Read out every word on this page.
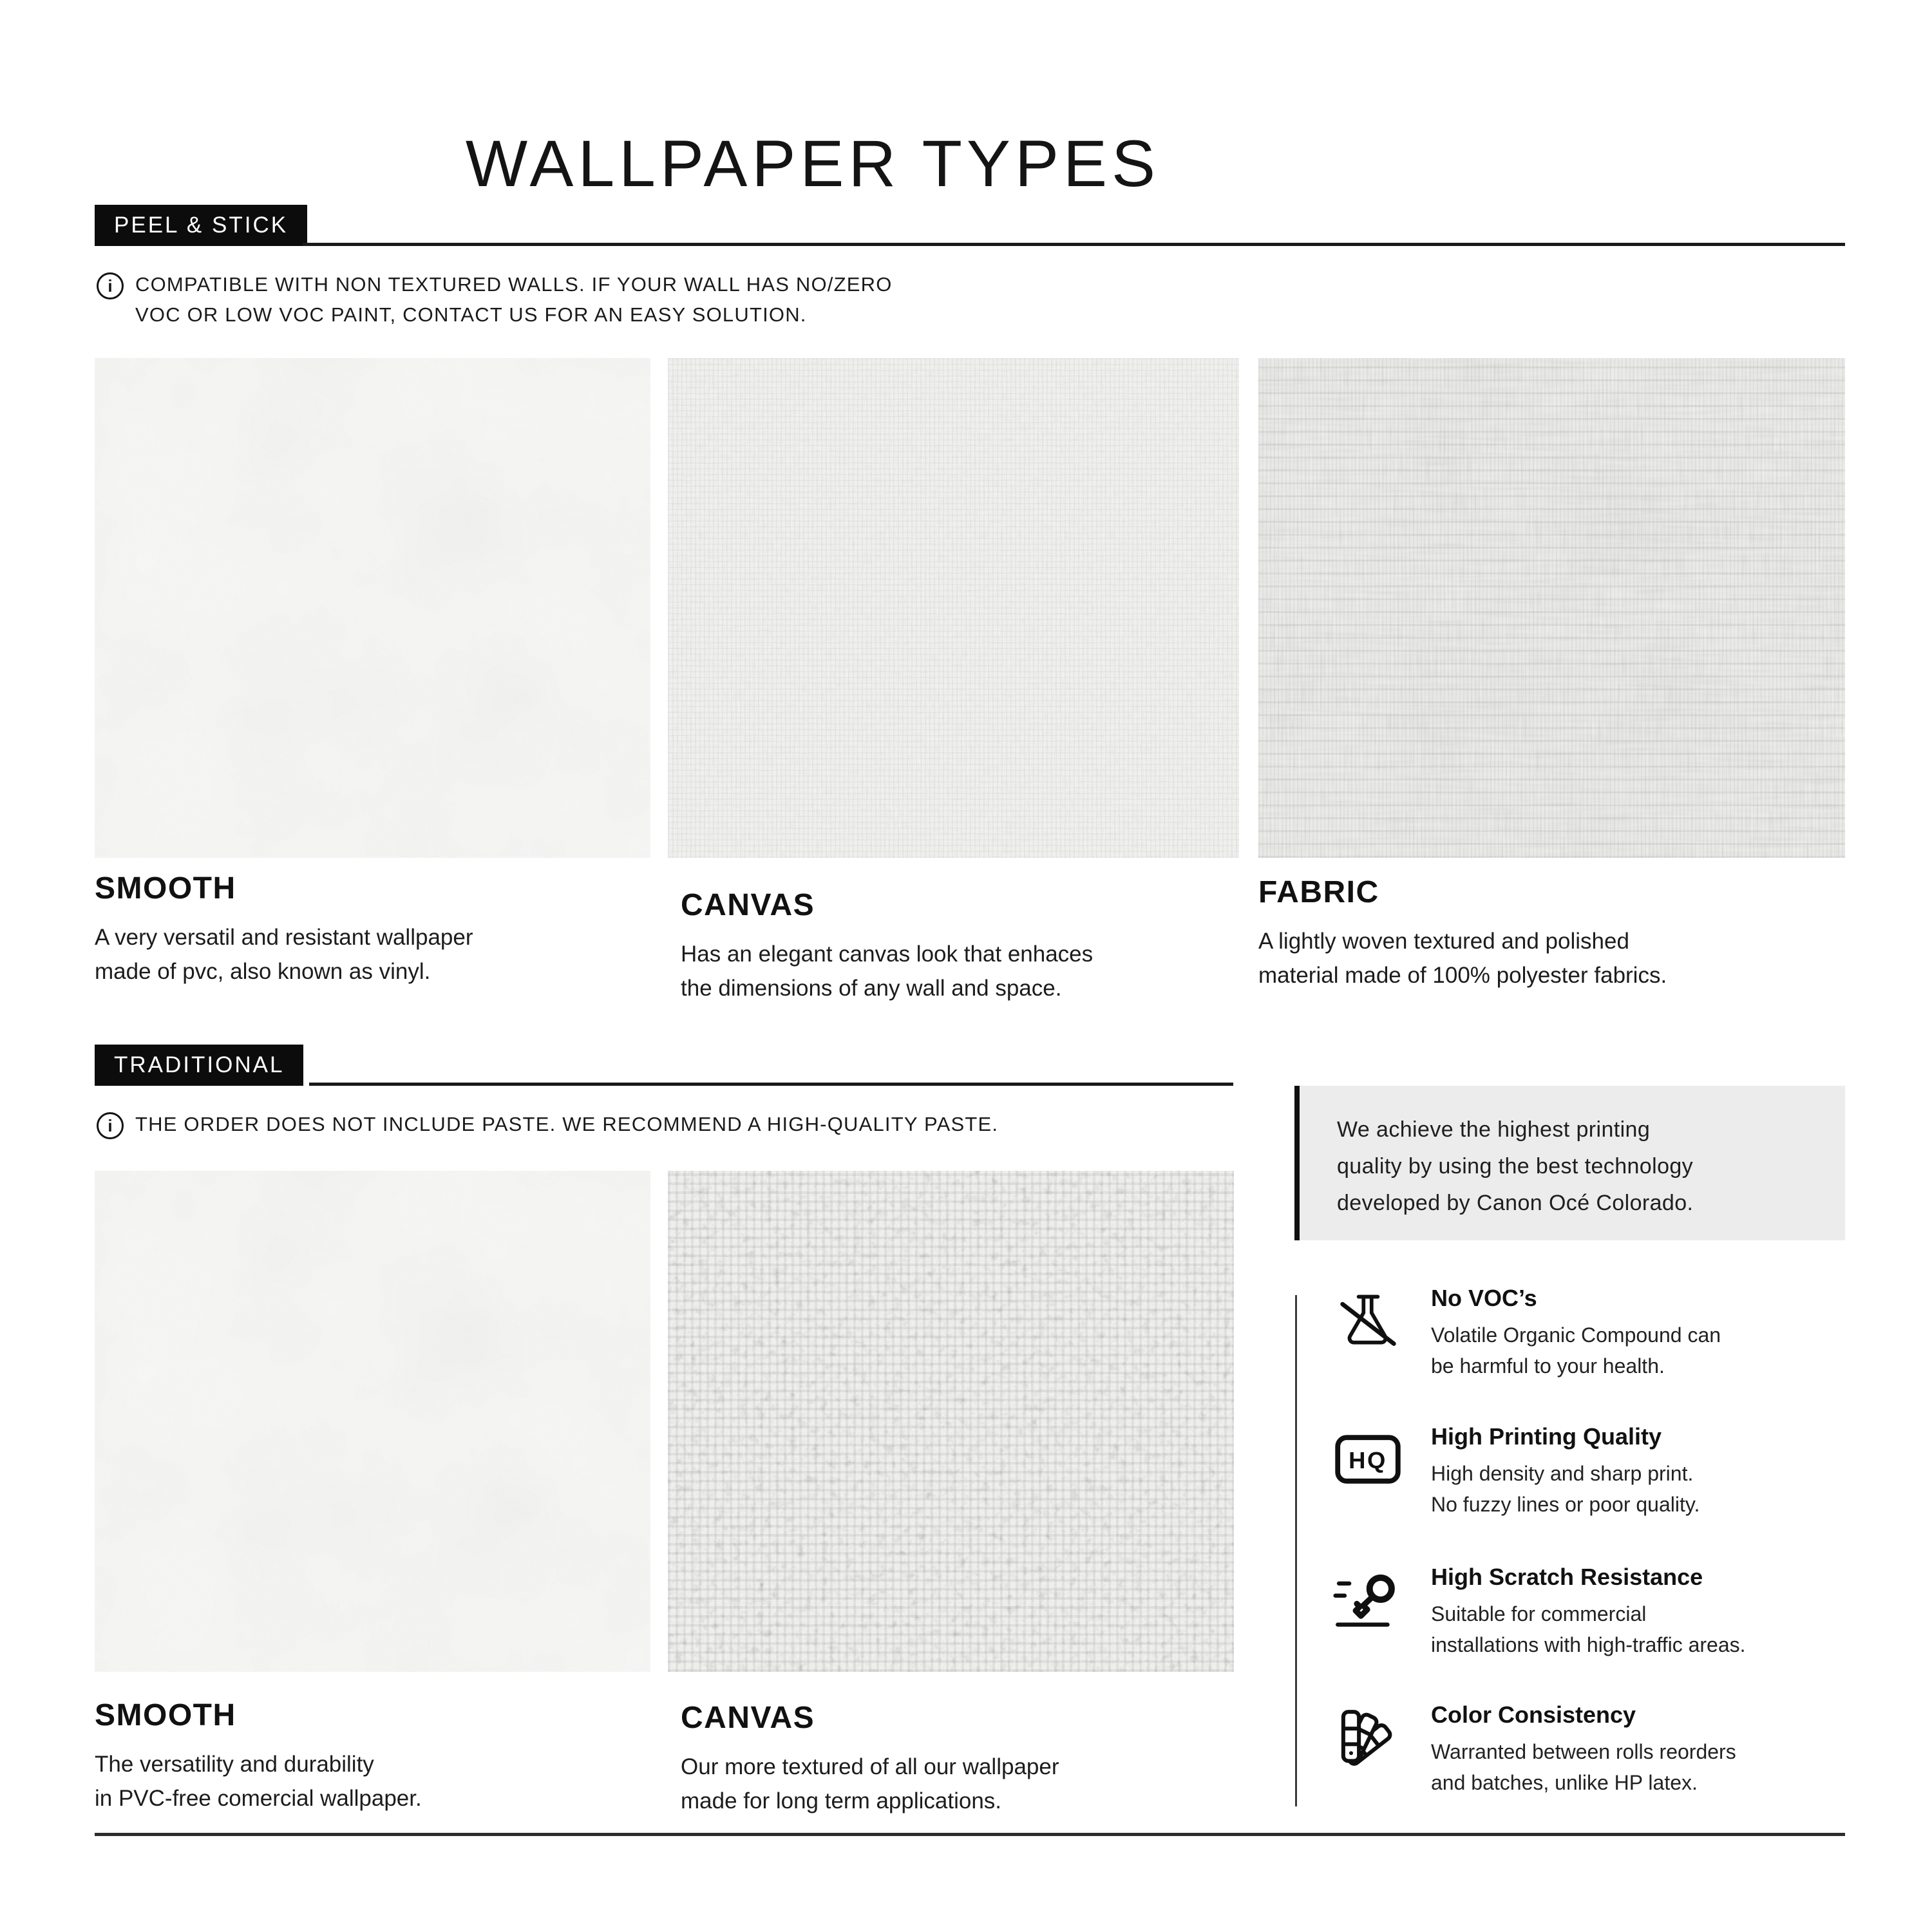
WALLPAPER TYPES
PEEL & STICK
i	COMPATIBLE WITH NON TEXTURED WALLS. IF YOUR WALL HAS NO/ZERO
VOC OR LOW VOC PAINT, CONTACT US FOR AN EASY SOLUTION.
SMOOTH
A very versatil and resistant wallpaper
made of pvc, also known as vinyl.
CANVAS
Has an elegant canvas look that enhaces
the dimensions of any wall and space.
FABRIC
A lightly woven textured and polished
material made of 100% polyester fabrics.
TRADITIONAL
i	THE ORDER DOES NOT INCLUDE PASTE. WE RECOMMEND A HIGH-QUALITY PASTE.
SMOOTH
The versatility and durability
in PVC-free comercial wallpaper.
CANVAS
Our more textured of all our wallpaper
made for long term applications.
We achieve the highest printing
quality by using the best technology
developed by Canon Océ Colorado.
No VOC’s
Volatile Organic Compound can
be harmful to your health.
HQ
High Printing Quality
High density and sharp print.
No fuzzy lines or poor quality.
High Scratch Resistance
Suitable for commercial
installations with high-traffic areas.
Color Consistency
Warranted between rolls reorders
and batches, unlike HP latex.
